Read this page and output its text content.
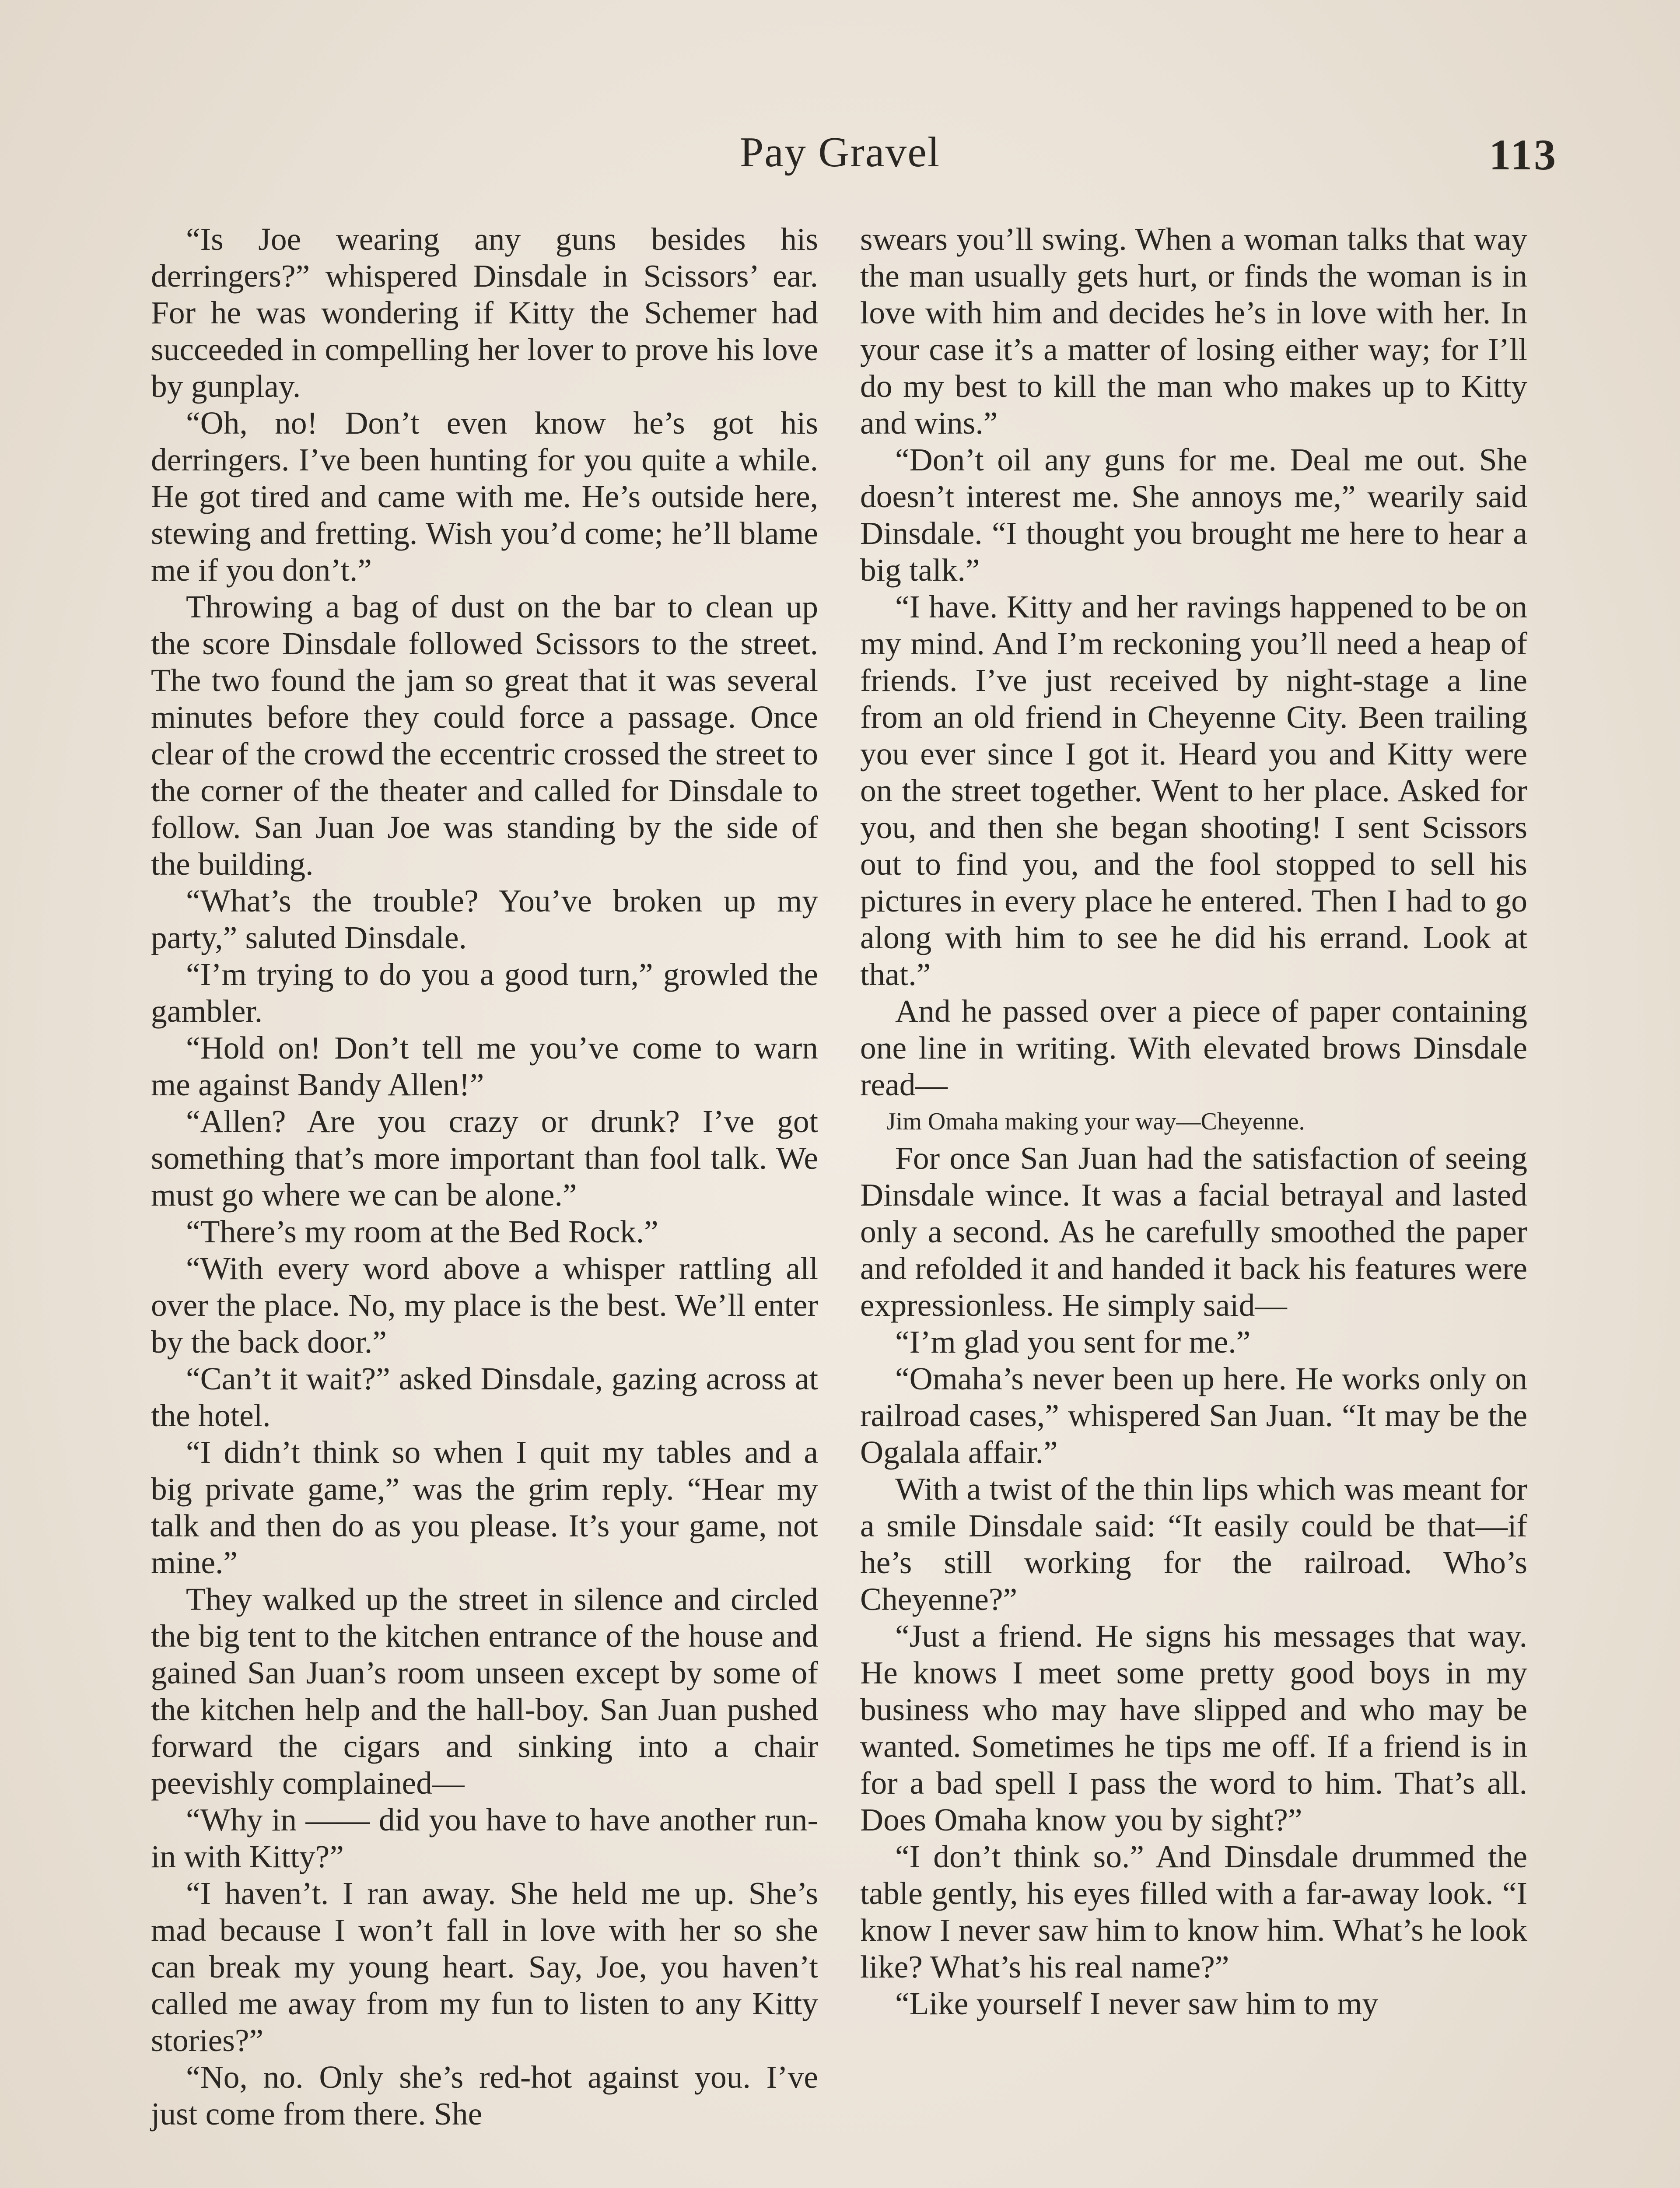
Pay Gravel	113

“Is Joe wearing any guns besides his derringers?” whispered Dinsdale in Scissors’ ear. For he was wondering if Kitty the Schemer had succeeded in compelling her lover to prove his love by gunplay.

“Oh, no! Don’t even know he’s got his derringers. I’ve been hunting for you quite a while. He got tired and came with me. He’s outside here, stewing and fretting. Wish you’d come; he’ll blame me if you don’t.”

Throwing a bag of dust on the bar to clean up the score Dinsdale followed Scissors to the street. The two found the jam so great that it was several minutes before they could force a passage. Once clear of the crowd the eccentric crossed the street to the corner of the theater and called for Dinsdale to follow. San Juan Joe was standing by the side of the building.

“What’s the trouble? You’ve broken up my party,” saluted Dinsdale.

“I’m trying to do you a good turn,” growled the gambler.

“Hold on! Don’t tell me you’ve come to warn me against Bandy Allen!”

“Allen? Are you crazy or drunk? I’ve got something that’s more important than fool talk. We must go where we can be alone.”

“There’s my room at the Bed Rock.”

“With every word above a whisper rattling all over the place. No, my place is the best. We’ll enter by the back door.”

“Can’t it wait?” asked Dinsdale, gazing across at the hotel.

“I didn’t think so when I quit my tables and a big private game,” was the grim reply. “Hear my talk and then do as you please. It’s your game, not mine.”

They walked up the street in silence and circled the big tent to the kitchen entrance of the house and gained San Juan’s room unseen except by some of the kitchen help and the hall-boy. San Juan pushed forward the cigars and sinking into a chair peevishly complained—

“Why in —— did you have to have another run-in with Kitty?”

“I haven’t. I ran away. She held me up. She’s mad because I won’t fall in love with her so she can break my young heart. Say, Joe, you haven’t called me away from my fun to listen to any Kitty stories?”

“No, no. Only she’s red-hot against you. I’ve just come from there. She

swears you’ll swing. When a woman talks that way the man usually gets hurt, or finds the woman is in love with him and decides he’s in love with her. In your case it’s a matter of losing either way; for I’ll do my best to kill the man who makes up to Kitty and wins.”

“Don’t oil any guns for me. Deal me out. She doesn’t interest me. She annoys me,” wearily said Dinsdale. “I thought you brought me here to hear a big talk.”

“I have. Kitty and her ravings happened to be on my mind. And I’m reckoning you’ll need a heap of friends. I’ve just received by night-stage a line from an old friend in Cheyenne City. Been trailing you ever since I got it. Heard you and Kitty were on the street together. Went to her place. Asked for you, and then she began shooting! I sent Scissors out to find you, and the fool stopped to sell his pictures in every place he entered. Then I had to go along with him to see he did his errand. Look at that.”

And he passed over a piece of paper containing one line in writing. With elevated brows Dinsdale read—

Jim Omaha making your way—Cheyenne.

For once San Juan had the satisfaction of seeing Dinsdale wince. It was a facial betrayal and lasted only a second. As he carefully smoothed the paper and refolded it and handed it back his features were expressionless. He simply said—

“I’m glad you sent for me.”

“Omaha’s never been up here. He works only on railroad cases,” whispered San Juan. “It may be the Ogalala affair.”

With a twist of the thin lips which was meant for a smile Dinsdale said: “It easily could be that—if he’s still working for the railroad. Who’s Cheyenne?”

“Just a friend. He signs his messages that way. He knows I meet some pretty good boys in my business who may have slipped and who may be wanted. Sometimes he tips me off. If a friend is in for a bad spell I pass the word to him. That’s all. Does Omaha know you by sight?”

“I don’t think so.” And Dinsdale drummed the table gently, his eyes filled with a far-away look. “I know I never saw him to know him. What’s he look like? What’s his real name?”

“Like yourself I never saw him to my
